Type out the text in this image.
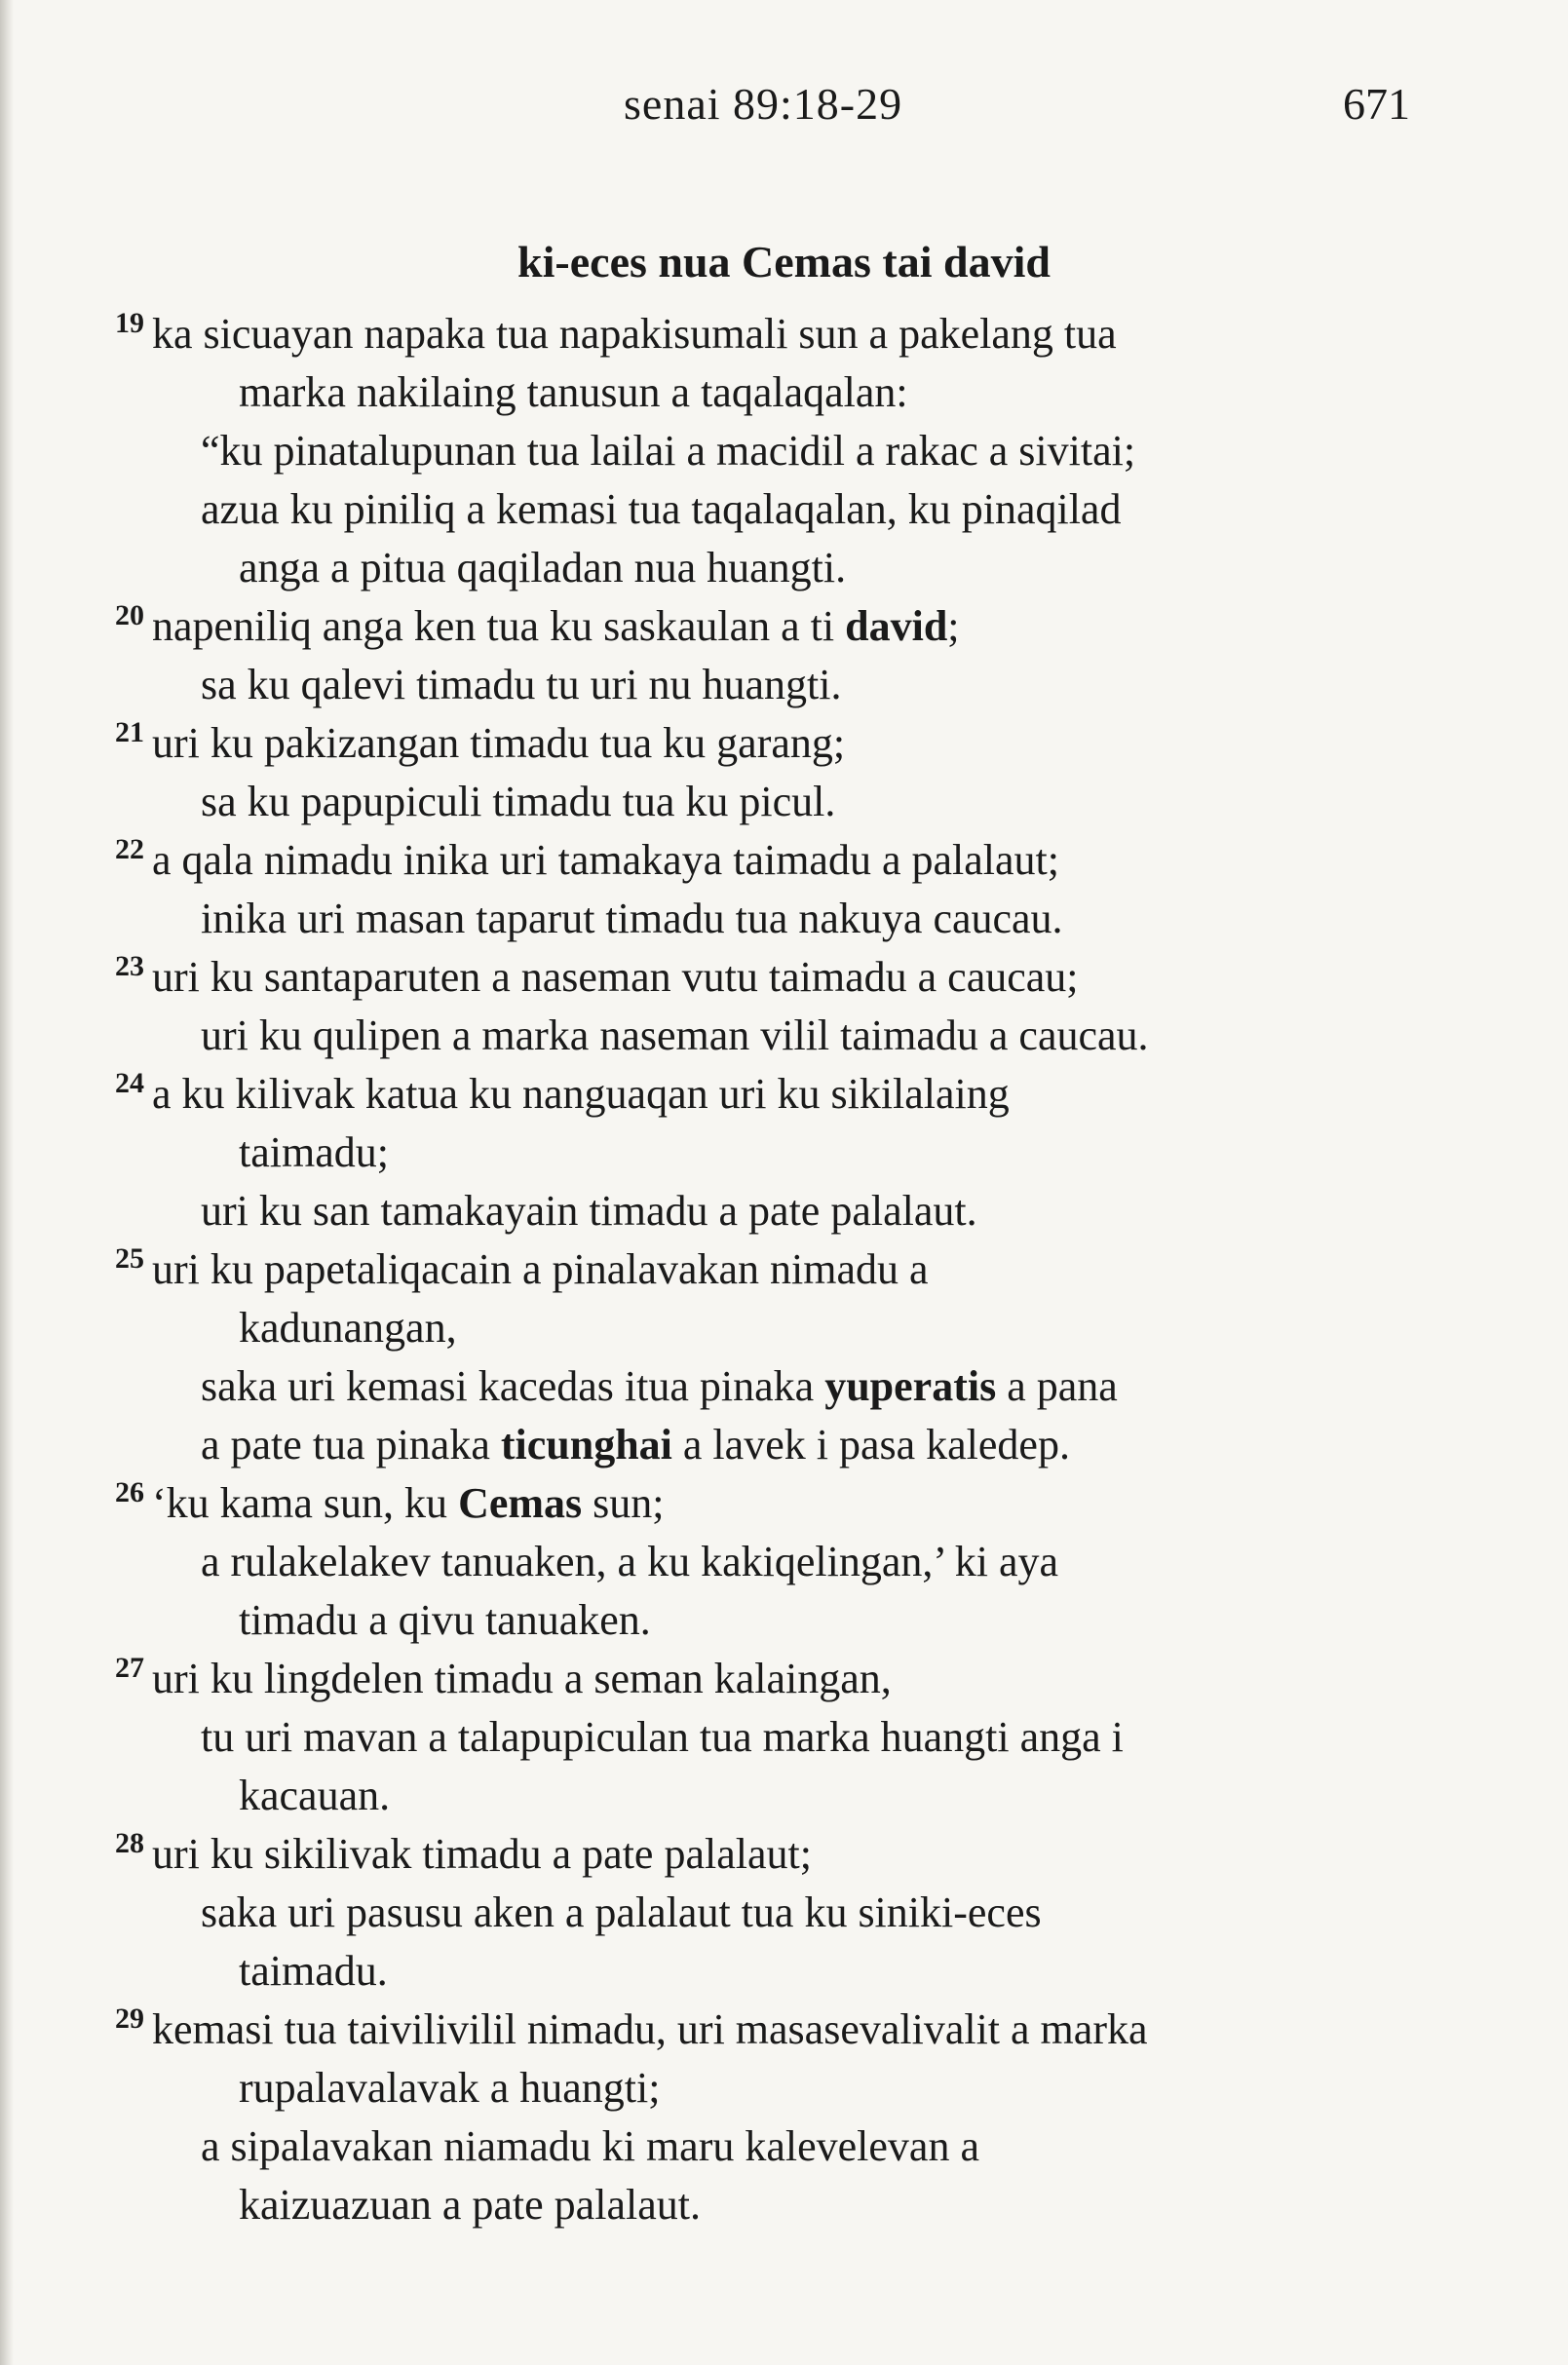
senai 89:18-29	671
ki-eces nua Cemas tai david
19 ka sicuayan napaka tua napakisumali sun a pakelang tua
marka nakilaing tanusun a taqalaqalan:
“ku pinatalupunan tua lailai a macidil a rakac a sivitai;
azua ku piniliq a kemasi tua taqalaqalan, ku pinaqilad
anga a pitua qaqiladan nua huangti.
20 napeniliq anga ken tua ku saskaulan a ti david;
sa ku qalevi timadu tu uri nu huangti.
21 uri ku pakizangan timadu tua ku garang;
sa ku papupiculi timadu tua ku picul.
22 a qala nimadu inika uri tamakaya taimadu a palalaut;
inika uri masan taparut timadu tua nakuya caucau.
23 uri ku santaparuten a naseman vutu taimadu a caucau;
uri ku qulipen a marka naseman vilil taimadu a caucau.
24 a ku kilivak katua ku nanguaqan uri ku sikilalaing
taimadu;
uri ku san tamakayain timadu a pate palalaut.
25 uri ku papetaliqacain a pinalavakan nimadu a
kadunangan,
saka uri kemasi kacedas itua pinaka yuperatis a pana
a pate tua pinaka ticunghai a lavek i pasa kaledep.
26 ‘ku kama sun, ku Cemas sun;
a rulakelakev tanuaken, a ku kakiqelingan,’ ki aya
timadu a qivu tanuaken.
27 uri ku lingdelen timadu a seman kalaingan,
tu uri mavan a talapupiculan tua marka huangti anga i
kacauan.
28 uri ku sikilivak timadu a pate palalaut;
saka uri pasusu aken a palalaut tua ku siniki-eces
taimadu.
29 kemasi tua taivilivilil nimadu, uri masasevalivalit a marka
rupalavalavak a huangti;
a sipalavakan niamadu ki maru kalevelevan a
kaizuazuan a pate palalaut.
